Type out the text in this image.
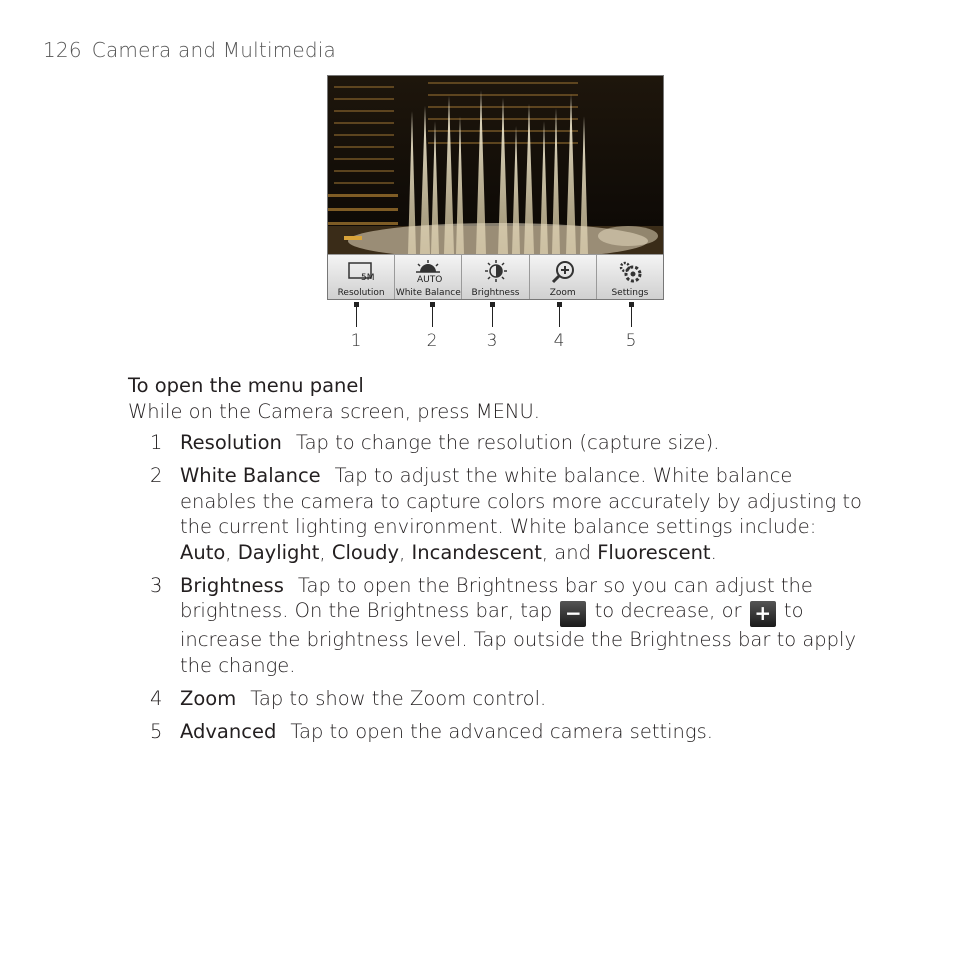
126 Camera and Multimedia
5M
Resolution
AUTO
White Balance Brightness	Zoom	Settings
1	2	3	4	5
To open the menu panel
While on the Camera screen, press MENU.
1 Resolution Tap to change the resolution (capture size).
2 White Balance Tap to adjust the white balance. White balance enables the camera to capture colors more accurately by adjusting to the current lighting environment. White balance settings include: Auto, Daylight, Cloudy, Incandescent, and Fluorescent.
3 Brightness Tap to open the Brightness bar so you can adjust the brightness. On the Brightness bar, tap − to decrease, or + to increase the brightness level. Tap outside the Brightness bar to apply the change.
4 Zoom Tap to show the Zoom control.
5 Advanced Tap to open the advanced camera settings.
